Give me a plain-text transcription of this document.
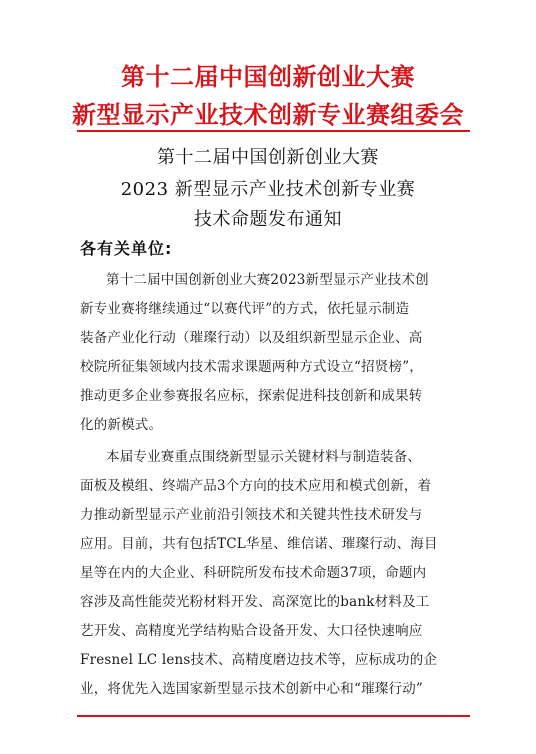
第十二届中国创新创业大赛
新型显示产业技术创新专业赛组委会
第十二届中国创新创业大赛
2023 新型显示产业技术创新专业赛
技术命题发布通知
各有关单位:
第十二届中国创新创业大赛2023新型显示产业技术创
新专业赛将继续通过“以赛代评”的方式，依托显示制造
装备产业化行动（璀璨行动）以及组织新型显示企业、高
校院所征集领域内技术需求课题两种方式设立“招贤榜”，
推动更多企业参赛报名应标，探索促进科技创新和成果转
化的新模式。
本届专业赛重点围绕新型显示关键材料与制造装备、
面板及模组、终端产品3个方向的技术应用和模式创新，着
力推动新型显示产业前沿引领技术和关键共性技术研发与
应用。目前，共有包括TCL华星、维信诺、璀璨行动、海目
星等在内的大企业、科研院所发布技术命题37项，命题内
容涉及高性能荧光粉材料开发、高深宽比的bank材料及工
艺开发、高精度光学结构贴合设备开发、大口径快速响应
Fresnel LC lens技术、高精度磨边技术等，应标成功的企
业，将优先入选国家新型显示技术创新中心和“璀璨行动”
